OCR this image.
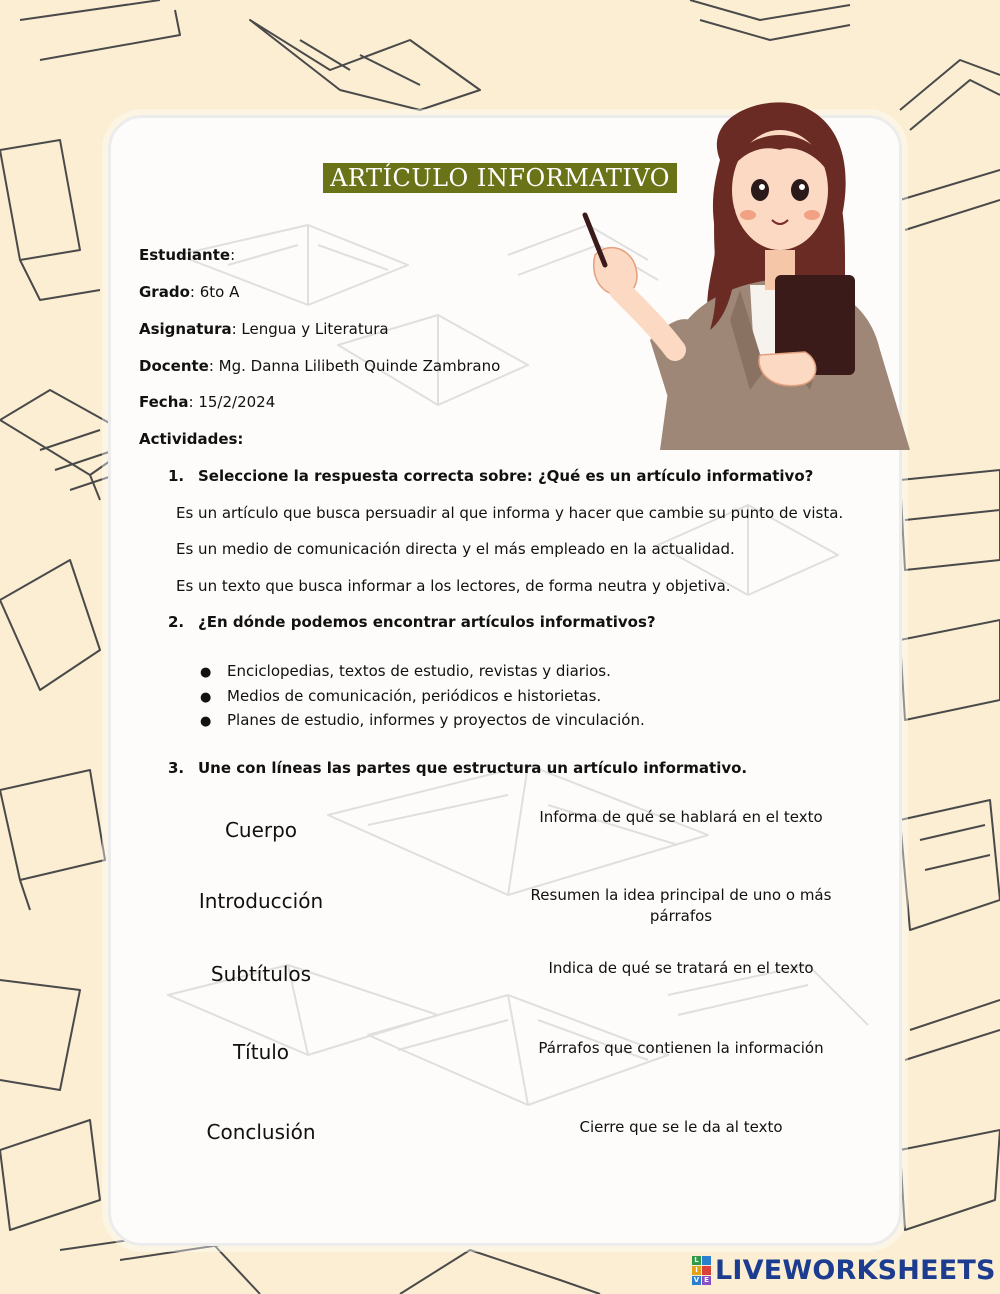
ARTÍCULO INFORMATIVO
Estudiante:
Grado: 6to A
Asignatura: Lengua y Literatura
Docente: Mg. Danna Lilibeth Quinde Zambrano
Fecha: 15/2/2024
Actividades:
1. Seleccione la respuesta correcta sobre: ¿Qué es un artículo informativo?
Es un artículo que busca persuadir al que informa y hacer que cambie su punto de vista.
Es un medio de comunicación directa y el más empleado en la actualidad.
Es un texto que busca informar a los lectores, de forma neutra y objetiva.
2. ¿En dónde podemos encontrar artículos informativos?
● Enciclopedias, textos de estudio, revistas y diarios.
● Medios de comunicación, periódicos e historietas.
● Planes de estudio, informes y proyectos de vinculación.
3. Une con líneas las partes que estructura un artículo informativo.
Cuerpo
Introducción
Subtítulos
Título
Conclusión
Informa de qué se hablará en el texto
Resumen la idea principal de uno o más párrafos
Indica de qué se tratará en el texto
Párrafos que contienen la información
Cierre que se le da al texto
L
I
V E LIVEWORKSHEETS
